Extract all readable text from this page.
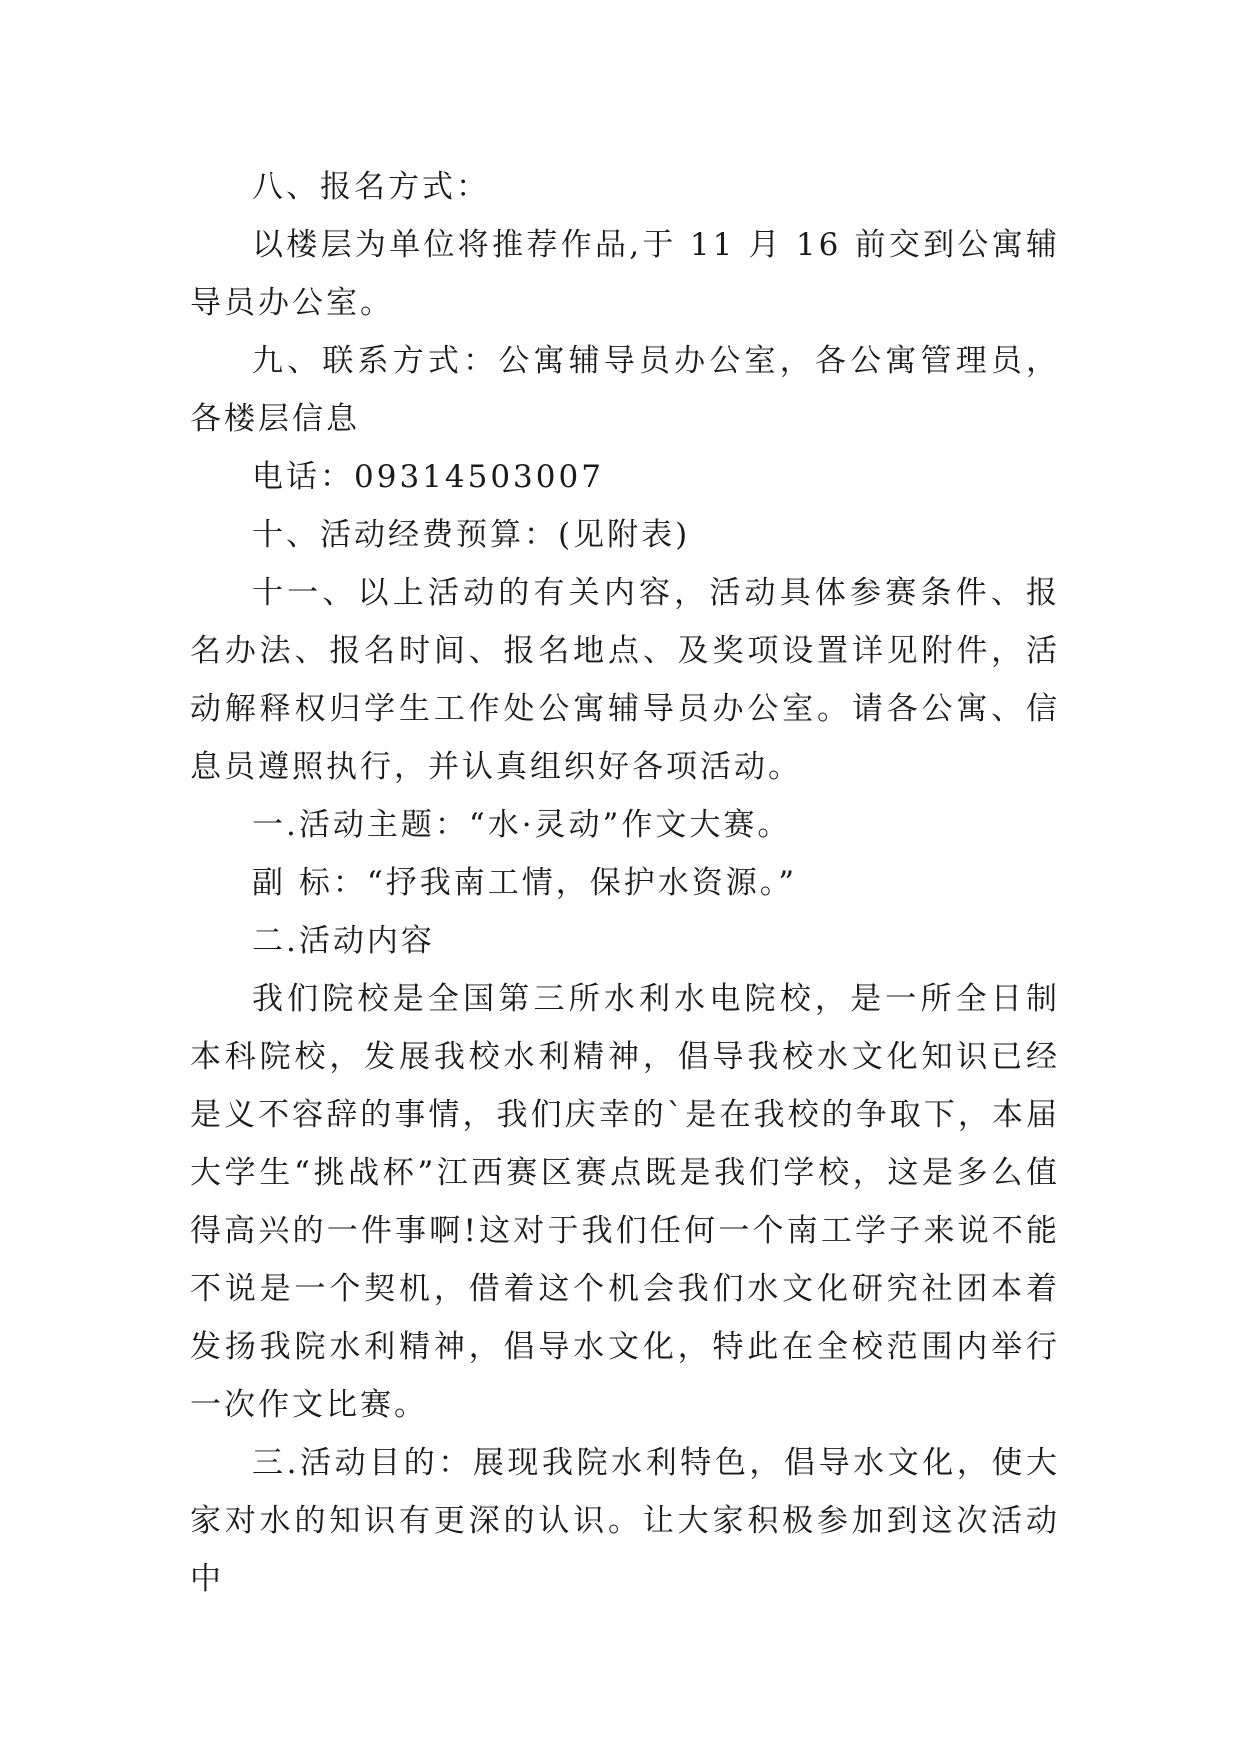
八、报名方式：

以楼层为单位将推荐作品,于 11 月 16 前交到公寓辅导员办公室。

九、联系方式：公寓辅导员办公室，各公寓管理员，各楼层信息

电话：09314503007

十、活动经费预算：(见附表)

十一、以上活动的有关内容，活动具体参赛条件、报名办法、报名时间、报名地点、及奖项设置详见附件，活动解释权归学生工作处公寓辅导员办公室。请各公寓、信息员遵照执行，并认真组织好各项活动。

一.活动主题：“水·灵动”作文大赛。

副 标：“抒我南工情，保护水资源。”

二.活动内容

我们院校是全国第三所水利水电院校，是一所全日制本科院校，发展我校水利精神，倡导我校水文化知识已经是义不容辞的事情，我们庆幸的`是在我校的争取下，本届大学生“挑战杯”江西赛区赛点既是我们学校，这是多么值得高兴的一件事啊!这对于我们任何一个南工学子来说不能不说是一个契机，借着这个机会我们水文化研究社团本着发扬我院水利精神，倡导水文化，特此在全校范围内举行一次作文比赛。

三.活动目的：展现我院水利特色，倡导水文化，使大家对水的知识有更深的认识。让大家积极参加到这次活动中
